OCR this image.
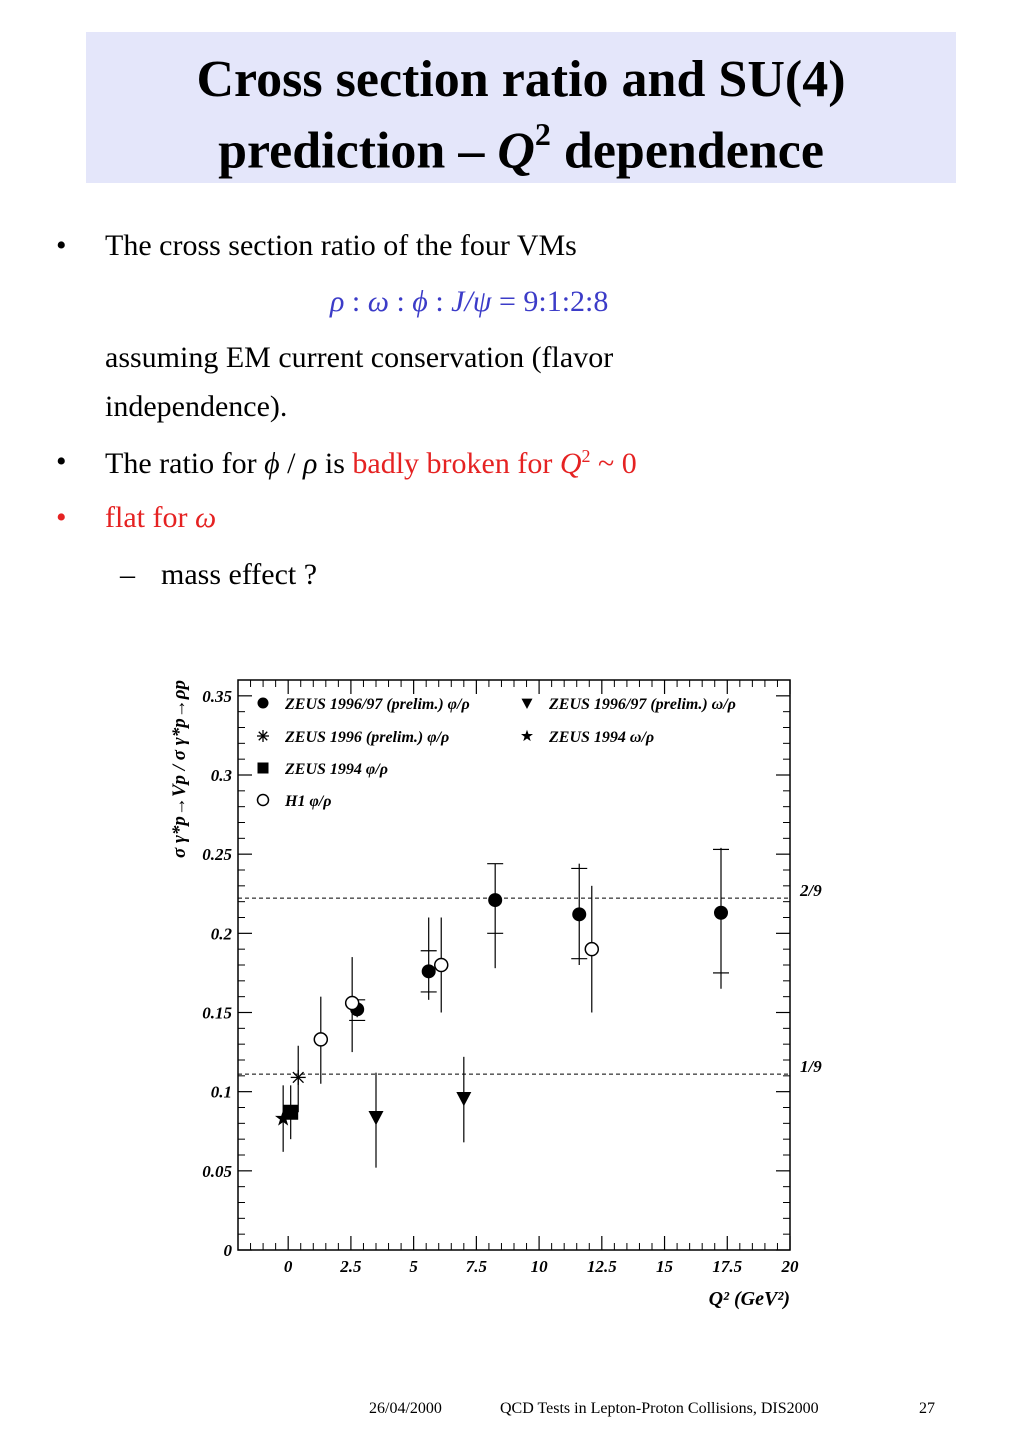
Cross section ratio and SU(4)
prediction – $Q^2$ dependence
• The cross section ratio of the four VMs
ρ : ω : ϕ : J/ψ = 9:1:2:8
assuming EM current conservation (flavor
independence).
• The ratio for ϕ / ρ is badly broken for $Q^2$ ~ 0
• flat for ω
– mass effect ?
0	2.5	5	7.5	10 12.5 15 17.5 20
0
0.05
0.1
0.15
0.2
0.25
0.3
0.35
2/9
1/9
Q² (GeV²)
σ γ*p→Vp / σ γ*p→ρp	ZEUS 1996/97 (prelim.) φ/ρ
ZEUS 1996 (prelim.) φ/ρ
ZEUS 1994 φ/ρ
H1 φ/ρ
ZEUS 1996/97 (prelim.) ω/ρ
ZEUS 1994 ω/ρ
26/04/2000	QCD Tests in Lepton-Proton Collisions, DIS2000	27
